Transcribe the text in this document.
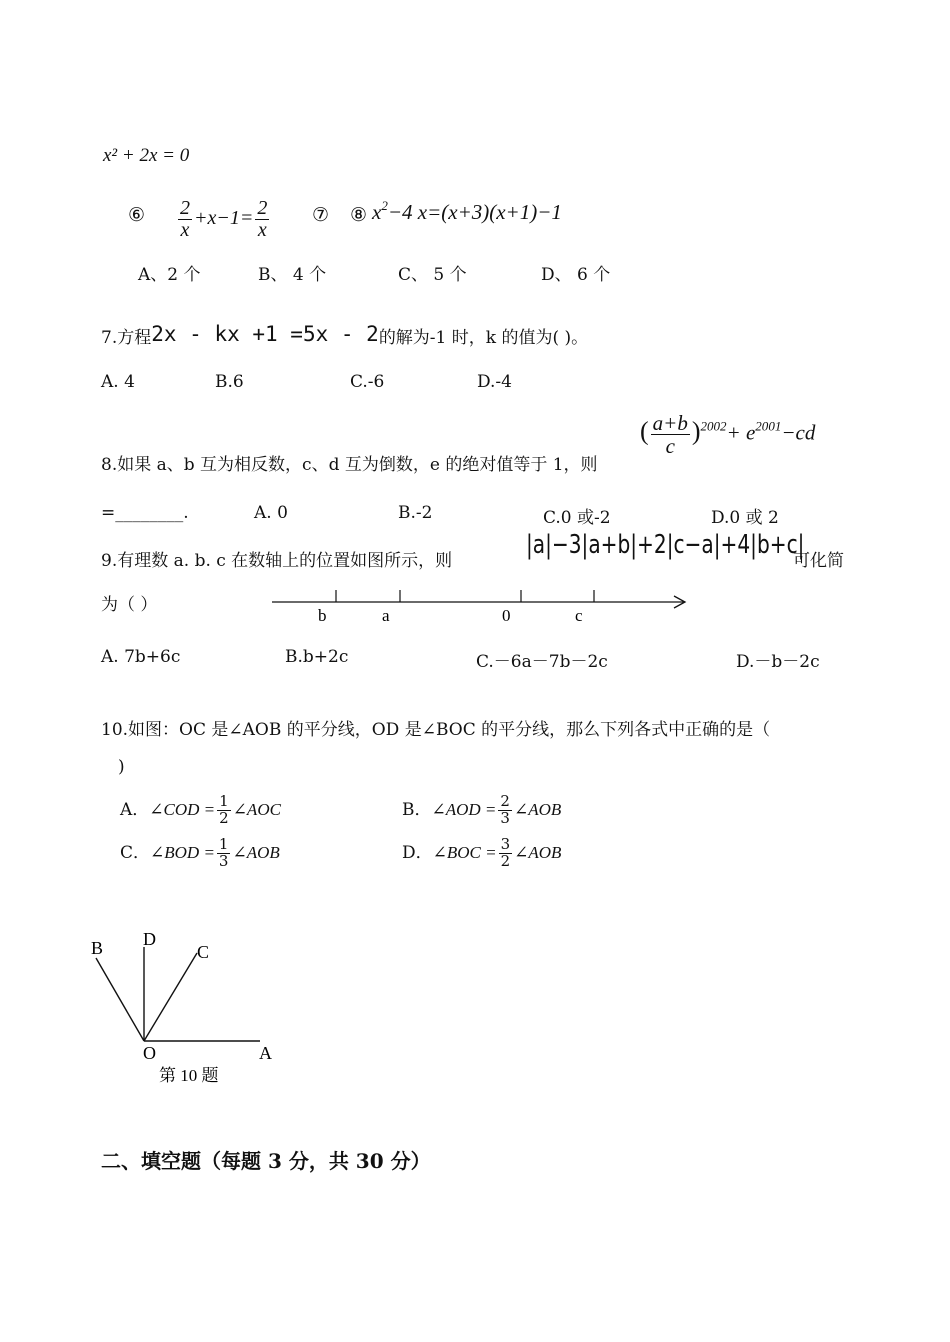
x² + 2x = 0
⑥ $\frac{2}{x} +x-1= \frac{2}{x}$ ⑦ ⑧ $x^2-4$ x=(x+3)(x+1)−1
A、2 个	B、 4 个	C、 5 个	D、 6 个
7.方程2x - kx +1 =5x - 2的解为-1 时，k 的值为( )。
A. 4	B.6	C.-6	D.-4
8.如果 a、b 互为相反数，c、d 互为倒数，e 的绝对值等于 1，则
( $\frac{a+b}{c} )^{2002}+ e^{2001}-cd$
=________.	A. 0	B.-2	C.0 或-2	D.0 或 2
9.有理数 a. b. c 在数轴上的位置如图所示，则
|a|−3|a+b|+2|c−a|+4|b+c|
可化简
为（ ）
b	a	0	c
A. 7b+6c	B.b+2c	C.－6a－7b－2c	D.－b－2c
10.如图：OC 是∠AOB 的平分线，OD 是∠BOC 的平分线，那么下列各式中正确的是（
)
A．∠COD = $\frac{1}{2}$ ∠AOC	B．∠AOD = $\frac{2}{3}$ ∠AOB
C．∠BOD = $\frac{1}{3}$ ∠AOB	D．∠BOC = $\frac{3}{2}$ ∠AOB
B D
C
O	A
第 10 题
二、填空题（每题 3 分，共 30 分）
